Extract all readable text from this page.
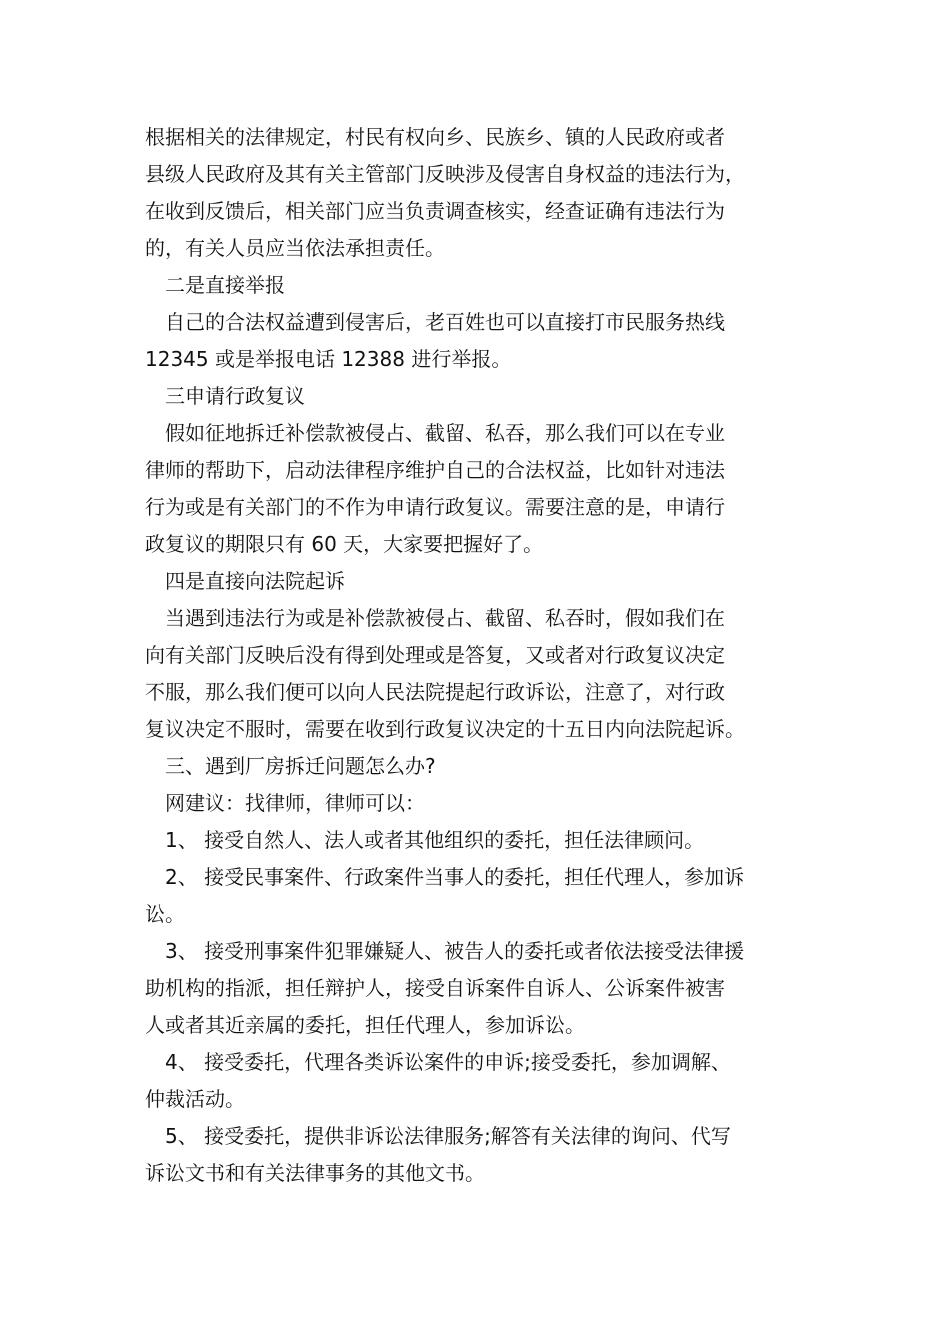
根据相关的法律规定，村民有权向乡、民族乡、镇的人民政府或者

县级人民政府及其有关主管部门反映涉及侵害自身权益的违法行为，

在收到反馈后，相关部门应当负责调查核实，经查证确有违法行为

的，有关人员应当依法承担责任。

　二是直接举报

　自己的合法权益遭到侵害后，老百姓也可以直接打市民服务热线

12345 或是举报电话 12388 进行举报。

　三申请行政复议

　假如征地拆迁补偿款被侵占、截留、私吞，那么我们可以在专业

律师的帮助下，启动法律程序维护自己的合法权益，比如针对违法

行为或是有关部门的不作为申请行政复议。需要注意的是，申请行

政复议的期限只有 60 天，大家要把握好了。

　四是直接向法院起诉

　当遇到违法行为或是补偿款被侵占、截留、私吞时，假如我们在

向有关部门反映后没有得到处理或是答复，又或者对行政复议决定

不服，那么我们便可以向人民法院提起行政诉讼，注意了，对行政

复议决定不服时，需要在收到行政复议决定的十五日内向法院起诉。

　三、遇到厂房拆迁问题怎么办?

　网建议：找律师，律师可以：

　1、 接受自然人、法人或者其他组织的委托，担任法律顾问。

　2、 接受民事案件、行政案件当事人的委托，担任代理人，参加诉

讼。

　3、 接受刑事案件犯罪嫌疑人、被告人的委托或者依法接受法律援

助机构的指派，担任辩护人，接受自诉案件自诉人、公诉案件被害

人或者其近亲属的委托，担任代理人，参加诉讼。

　4、 接受委托，代理各类诉讼案件的申诉;接受委托，参加调解、

仲裁活动。

　5、 接受委托，提供非诉讼法律服务;解答有关法律的询问、代写

诉讼文书和有关法律事务的其他文书。
